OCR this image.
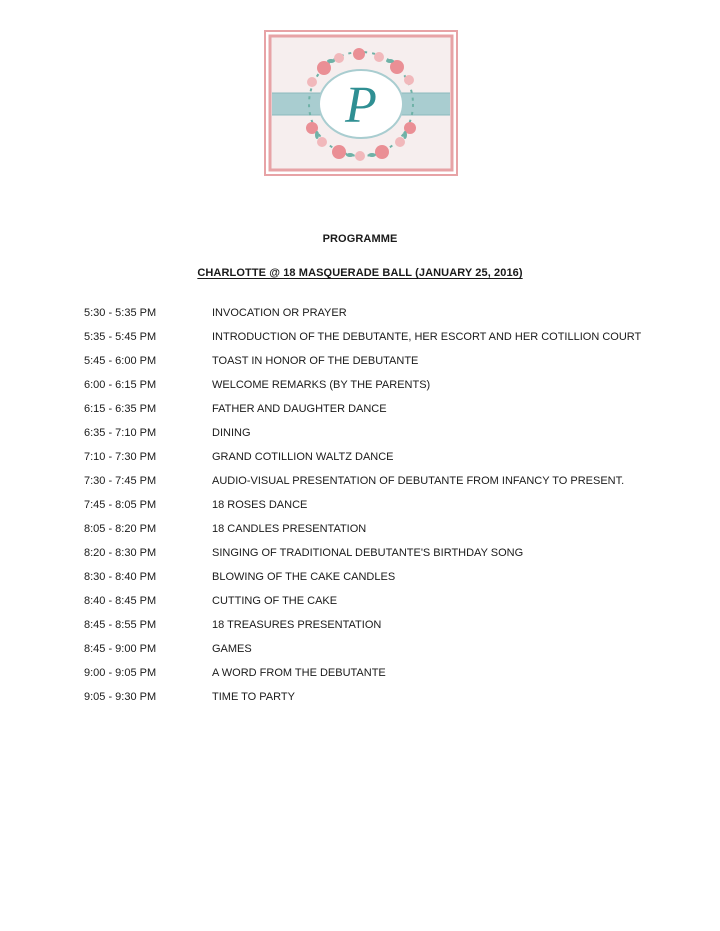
P
PROGRAMME
CHARLOTTE @ 18 MASQUERADE BALL (JANUARY 25, 2016)
5:30 - 5:35 PM	INVOCATION OR PRAYER
5:35 - 5:45 PM	INTRODUCTION OF THE DEBUTANTE, HER ESCORT AND HER COTILLION COURT
5:45 - 6:00 PM	TOAST IN HONOR OF THE DEBUTANTE
6:00 - 6:15 PM	WELCOME REMARKS (BY THE PARENTS)
6:15 - 6:35 PM	FATHER AND DAUGHTER DANCE
6:35 - 7:10 PM	DINING
7:10 - 7:30 PM	GRAND COTILLION WALTZ DANCE
7:30 - 7:45 PM	AUDIO-VISUAL PRESENTATION OF DEBUTANTE FROM INFANCY TO PRESENT.
7:45 - 8:05 PM	18 ROSES DANCE
8:05 - 8:20 PM	18 CANDLES PRESENTATION
8:20 - 8:30 PM	SINGING OF TRADITIONAL DEBUTANTE'S BIRTHDAY SONG
8:30 - 8:40 PM	BLOWING OF THE CAKE CANDLES
8:40 - 8:45 PM	CUTTING OF THE CAKE
8:45 - 8:55 PM	18 TREASURES PRESENTATION
8:45 - 9:00 PM	GAMES
9:00 - 9:05 PM	A WORD FROM THE DEBUTANTE
9:05 - 9:30 PM	TIME TO PARTY
